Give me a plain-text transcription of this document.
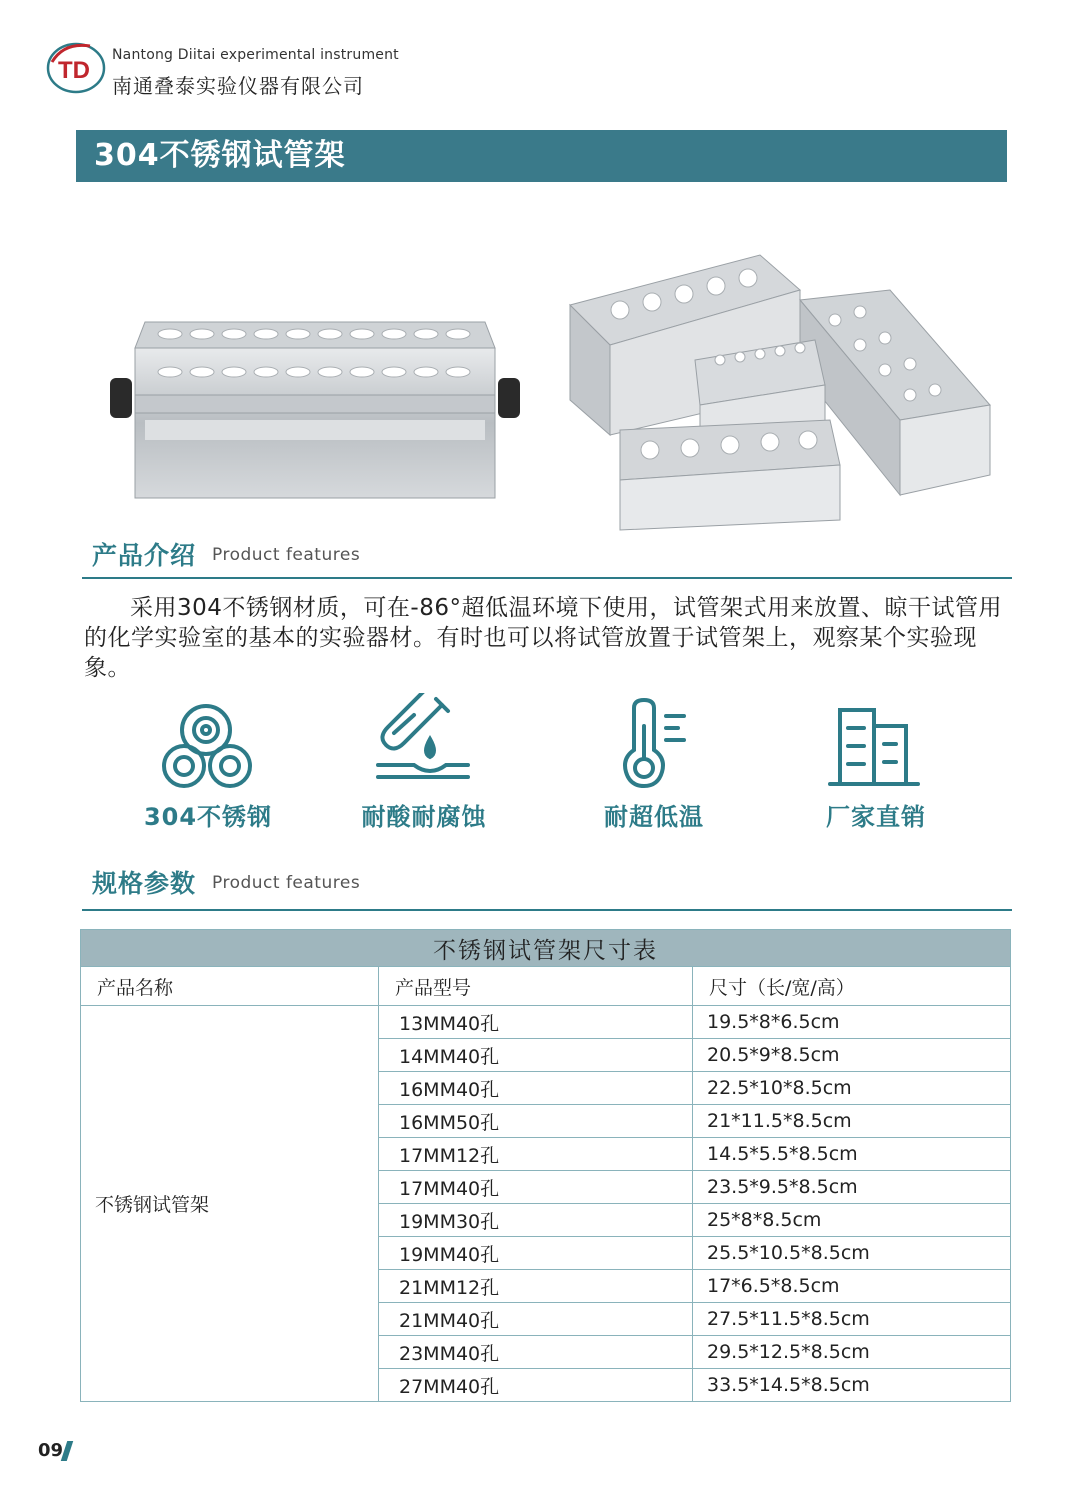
TD
Nantong Diitai experimental instrument
南通叠泰实验仪器有限公司
304不锈钢试管架
产品介绍 Product features
采用304不锈钢材质，可在-86°超低温环境下使用，试管架式用来放置、晾干试管用的化学实验室的基本的实验器材。有时也可以将试管放置于试管架上，观察某个实验现象。
304不锈钢	耐酸耐腐蚀	耐超低温	厂家直销
规格参数 Product features
不锈钢试管架尺寸表		
产品名称	产品型号	尺寸（长/宽/高）
不锈钢试管架	13MM40孔	19.5*8*6.5cm
	14MM40孔	20.5*9*8.5cm
	16MM40孔	22.5*10*8.5cm
	16MM50孔	21*11.5*8.5cm
	17MM12孔	14.5*5.5*8.5cm
	17MM40孔	23.5*9.5*8.5cm
	19MM30孔	25*8*8.5cm
	19MM40孔	25.5*10.5*8.5cm
	21MM12孔	17*6.5*8.5cm
	21MM40孔	27.5*11.5*8.5cm
	23MM40孔	29.5*12.5*8.5cm
	27MM40孔	33.5*14.5*8.5cm
09
